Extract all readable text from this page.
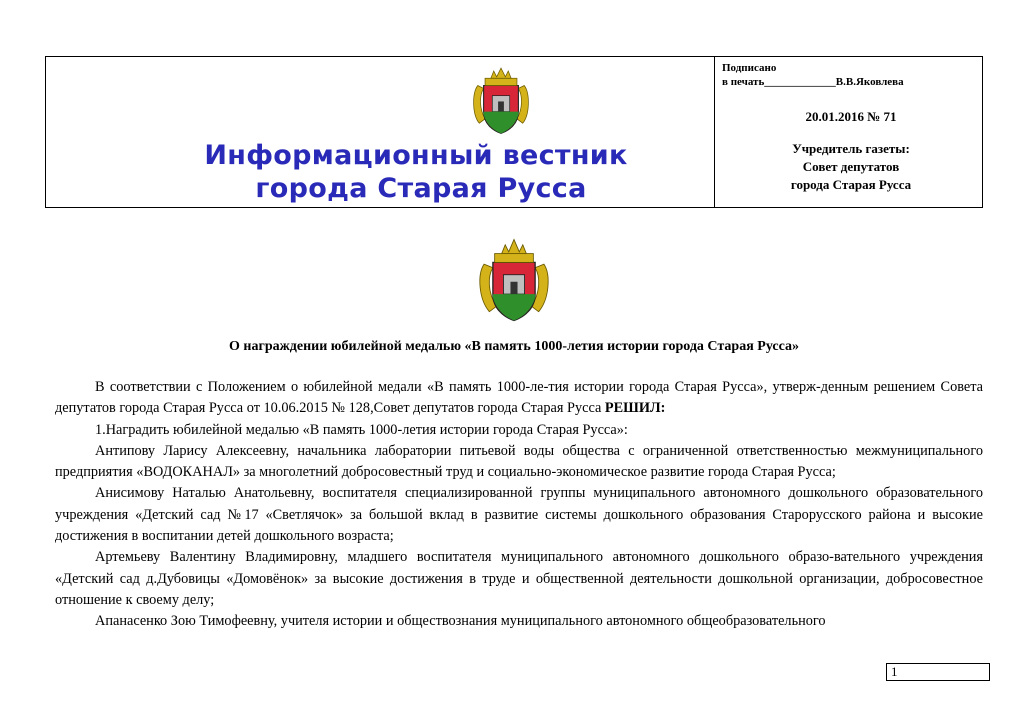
Информационный вестник
города Старая Русса
Подписано
в печать_____________В.В.Яковлева
20.01.2016 № 71
Учредитель газеты:
Совет депутатов
города Старая Русса
О награждении юбилейной медалью «В память 1000-летия истории города Старая Русса»

В соответствии с Положением о юбилейной медали «В память 1000-ле-тия истории города Старая Русса», утверж-денным решением Совета депутатов города Старая Русса от 10.06.2015 № 128,Совет депутатов города Старая Русса РЕШИЛ:

1.Наградить юбилейной медалью «В память 1000-летия истории города Старая Русса»:

Антипову Ларису Алексеевну, начальника лаборатории питьевой воды общества с ограниченной ответственностью межмуниципального предприятия «ВОДОКАНАЛ» за многолетний добросовестный труд и социально-экономическое развитие города Старая Русса;

Анисимову Наталью Анатольевну, воспитателя специализированной группы муниципального автономного дошкольного образовательного учреждения «Детский сад №17 «Светлячок» за большой вклад в развитие системы дошкольного образования Старорусского района и высокие достижения в воспитании детей дошкольного возраста;

Артемьеву Валентину Владимировну, младшего воспитателя муниципального автономного дошкольного образо-вательного учреждения «Детский сад д.Дубовицы «Домовёнок» за высокие достижения в труде и общественной деятельности дошкольной организации, добросовестное отношение к своему делу;

Апанасенко Зою Тимофеевну, учителя истории и обществознания муниципального автономного общеобразовательного

1
